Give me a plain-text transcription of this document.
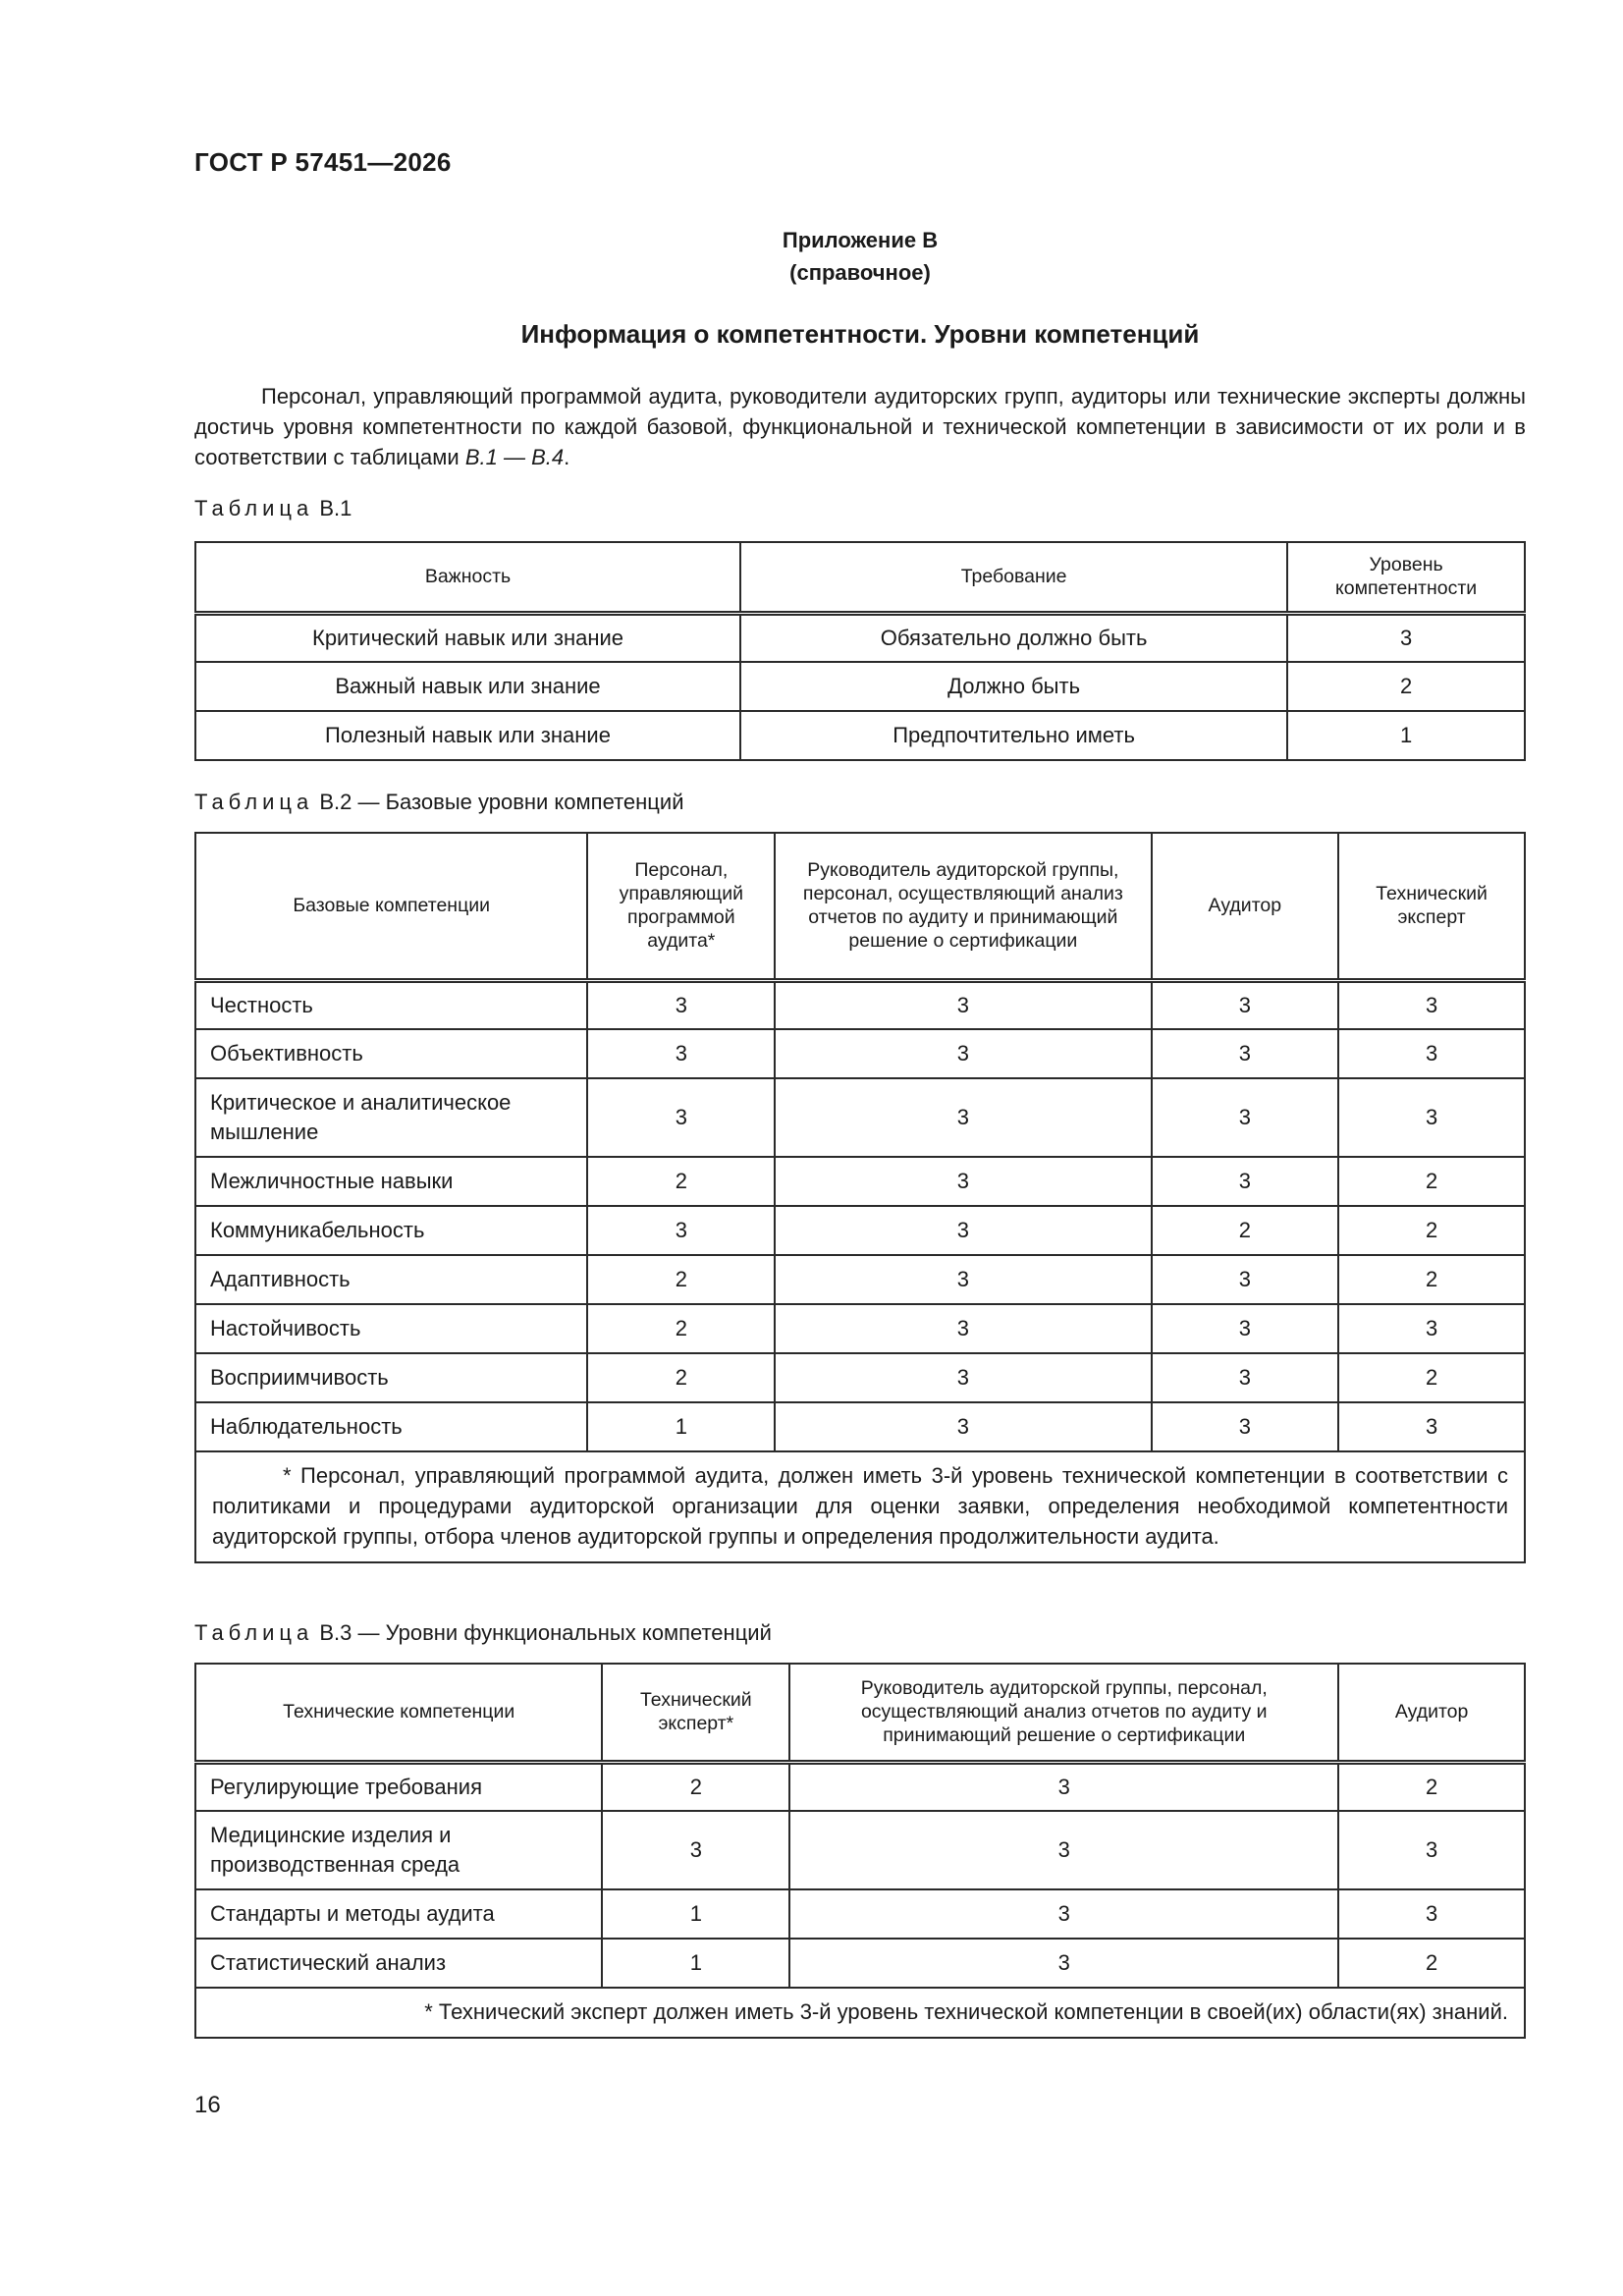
ГОСТ Р 57451—2026
Приложение В
(справочное)
Информация о компетентности. Уровни компетенций

Персонал, управляющий программой аудита, руководители аудиторских групп, аудиторы или технические эксперты должны достичь уровня компетентности по каждой базовой, функциональной и технической компетенции в зависимости от их роли и в соответствии с таблицами В.1 — В.4.

Таблица В.1
Важность	Требование	Уровень компетентности
Критический навык или знание	Обязательно должно быть	3
Важный навык или знание	Должно быть	2
Полезный навык или знание	Предпочтительно иметь	1
Таблица В.2 — Базовые уровни компетенций
Базовые компетенции	Персонал, управляющий программой аудита*	Руководитель аудиторской группы, персонал, осуществляющий анализ отчетов по аудиту и принимающий решение о сертификации	Аудитор	Технический эксперт
Честность	3	3	3	3
Объективность	3	3	3	3
Критическое и аналитическое мышление	3	3	3	3
Межличностные навыки	2	3	3	2
Коммуникабельность	3	3	2	2
Адаптивность	2	3	3	2
Настойчивость	2	3	3	3
Восприимчивость	2	3	3	2
Наблюдательность	1	3	3	3

* Персонал, управляющий программой аудита, должен иметь 3-й уровень технической компетенции в соответствии с политиками и процедурами аудиторской организации для оценки заявки, определения необходимой компетентности аудиторской группы, отбора членов аудиторской группы и определения продолжительности аудита.				
Таблица В.3 — Уровни функциональных компетенций
Технические компетенции	Технический эксперт*	Руководитель аудиторской группы, персонал, осуществляющий анализ отчетов по аудиту и принимающий решение о сертификации	Аудитор
Регулирующие требования	2	3	2
Медицинские изделия и производственная среда	3	3	3
Стандарты и методы аудита	1	3	3
Статистический анализ	1	3	2
* Технический эксперт должен иметь 3-й уровень технической компетенции в своей(их) области(ях) знаний.			
16
